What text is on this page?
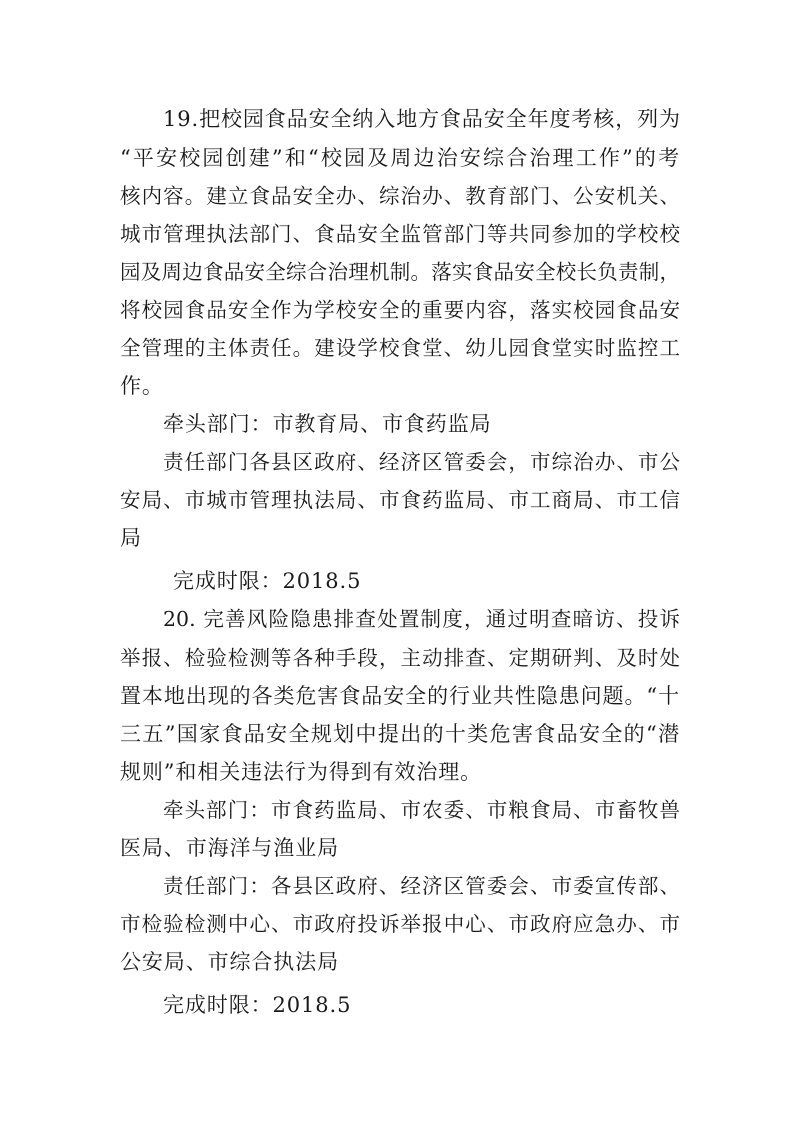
19.把校园食品安全纳入地方食品安全年度考核，列为
“平安校园创建”和“校园及周边治安综合治理工作”的考
核内容。建立食品安全办、综治办、教育部门、公安机关、
城市管理执法部门、食品安全监管部门等共同参加的学校校
园及周边食品安全综合治理机制。落实食品安全校长负责制，
将校园食品安全作为学校安全的重要内容，落实校园食品安
全管理的主体责任。建设学校食堂、幼儿园食堂实时监控工
作。
牵头部门：市教育局、市食药监局
责任部门各县区政府、经济区管委会，市综治办、市公
安局、市城市管理执法局、市食药监局、市工商局、市工信
局
完成时限：2018.5
20. 完善风险隐患排查处置制度，通过明查暗访、投诉
举报、检验检测等各种手段，主动排查、定期研判、及时处
置本地出现的各类危害食品安全的行业共性隐患问题。“十
三五”国家食品安全规划中提出的十类危害食品安全的“潜
规则”和相关违法行为得到有效治理。
牵头部门：市食药监局、市农委、市粮食局、市畜牧兽
医局、市海洋与渔业局
责任部门：各县区政府、经济区管委会、市委宣传部、
市检验检测中心、市政府投诉举报中心、市政府应急办、市
公安局、市综合执法局
完成时限：2018.5
